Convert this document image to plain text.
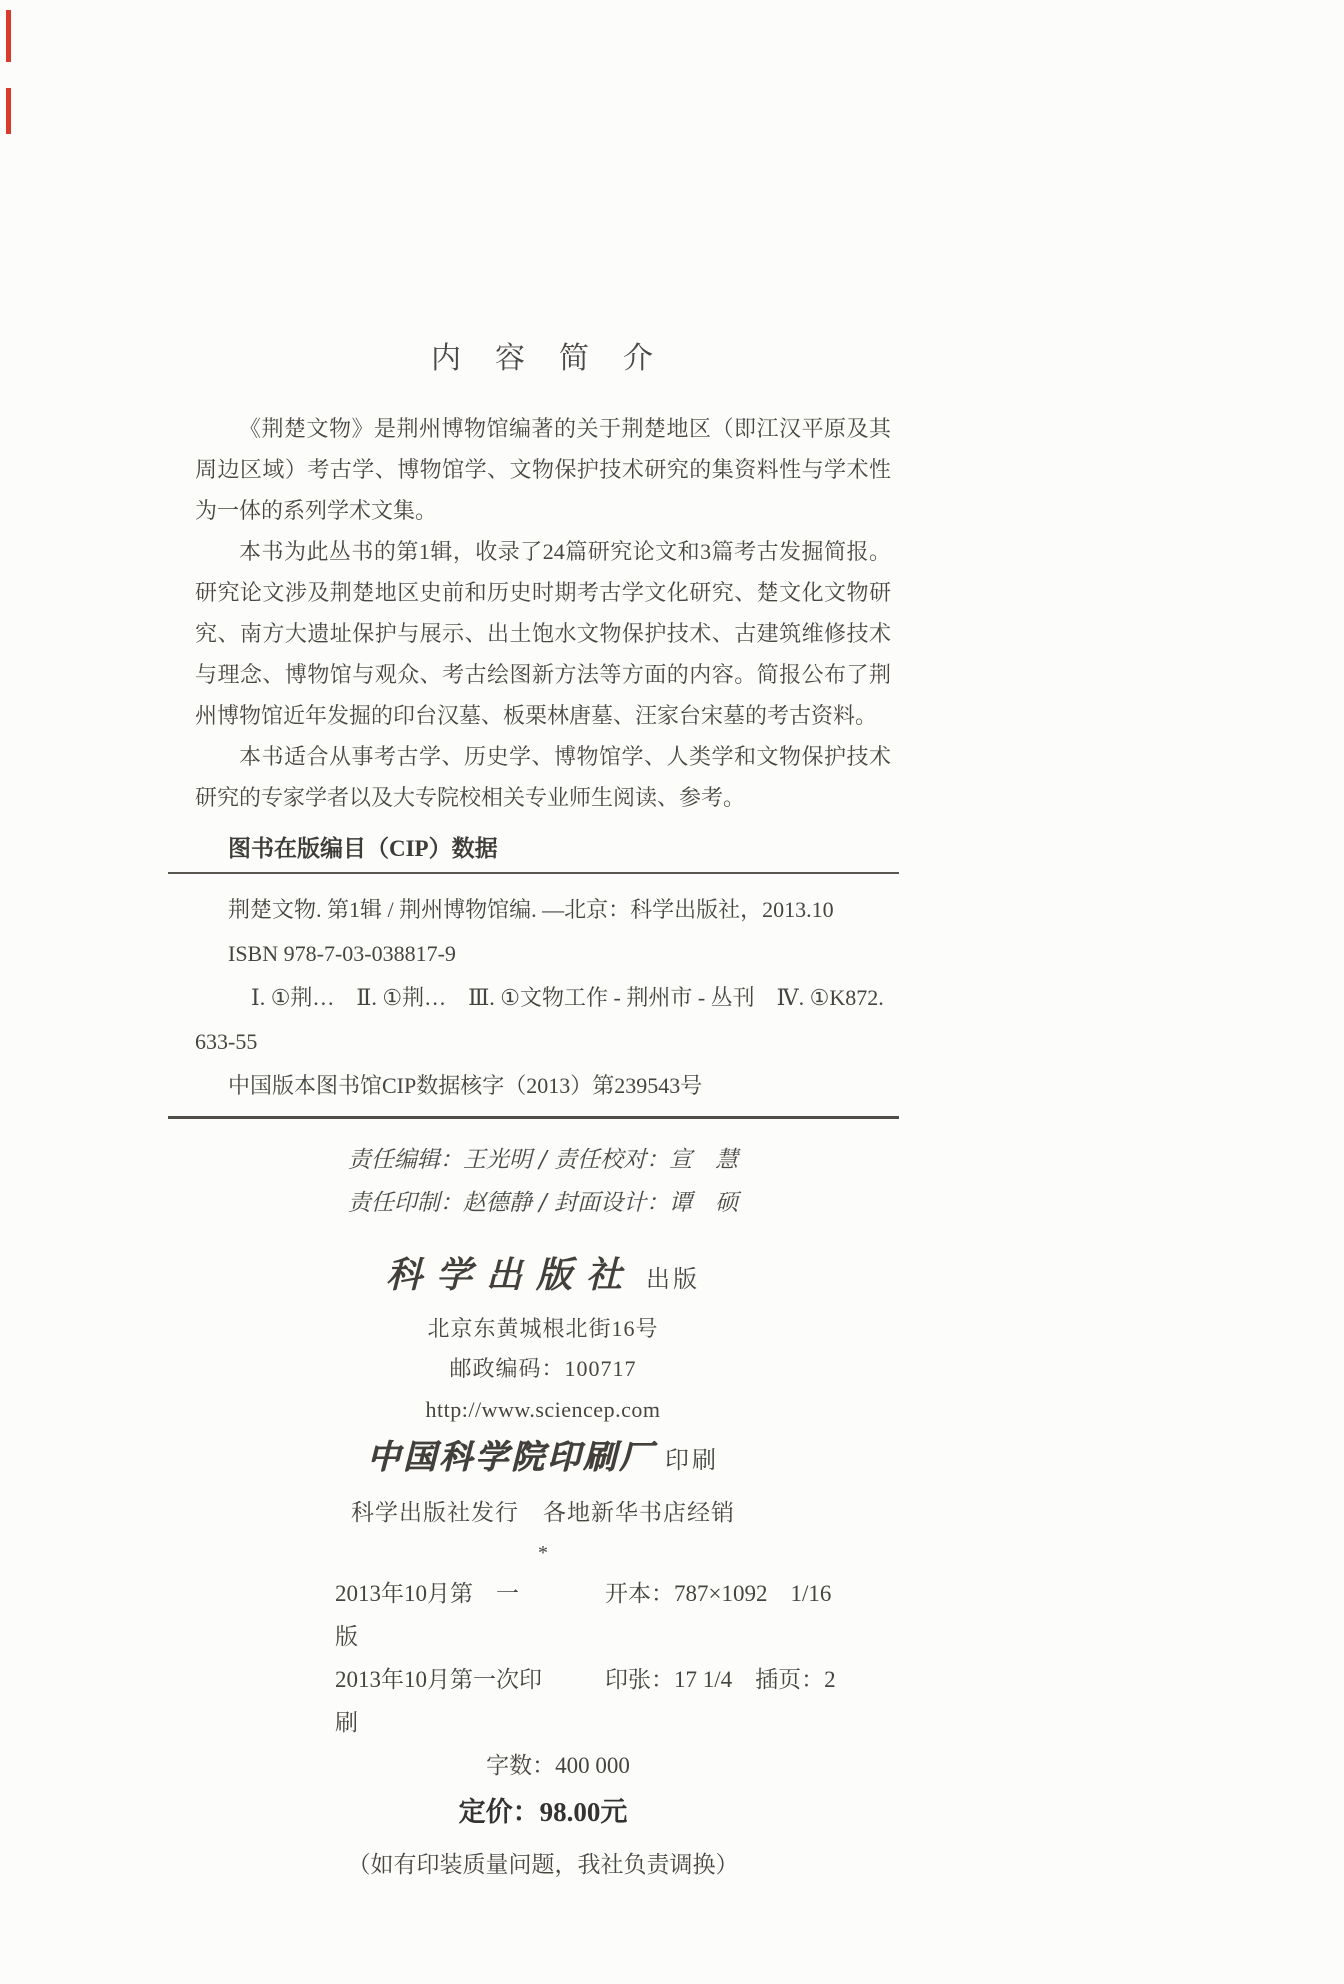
内　容　简　介

《荆楚文物》是荆州博物馆编著的关于荆楚地区（即江汉平原及其周边区域）考古学、博物馆学、文物保护技术研究的集资料性与学术性为一体的系列学术文集。

本书为此丛书的第1辑，收录了24篇研究论文和3篇考古发掘简报。研究论文涉及荆楚地区史前和历史时期考古学文化研究、楚文化文物研究、南方大遗址保护与展示、出土饱水文物保护技术、古建筑维修技术与理念、博物馆与观众、考古绘图新方法等方面的内容。简报公布了荆州博物馆近年发掘的印台汉墓、板栗林唐墓、汪家台宋墓的考古资料。

本书适合从事考古学、历史学、博物馆学、人类学和文物保护技术研究的专家学者以及大专院校相关专业师生阅读、参考。

图书在版编目（CIP）数据

荆楚文物. 第1辑 / 荆州博物馆编. —北京：科学出版社，2013.10

ISBN 978-7-03-038817-9

Ⅰ. ①荆…　Ⅱ. ①荆…　Ⅲ. ①文物工作 - 荆州市 - 丛刊　Ⅳ. ①K872.

633-55

中国版本图书馆CIP数据核字（2013）第239543号

责任编辑：王光明 / 责任校对：宣　慧

责任印制：赵德静 / 封面设计：谭　硕

科学出版社 出版

北京东黄城根北街16号

邮政编码：100717

http://www.sciencep.com

中国科学院印刷厂 印刷

科学出版社发行　各地新华书店经销

*

2013年10月第　一　版
开本：787×1092　1/16
2013年10月第一次印刷
印张：17 1/4　插页：2

字数：400 000

定价：98.00元

（如有印装质量问题，我社负责调换）
